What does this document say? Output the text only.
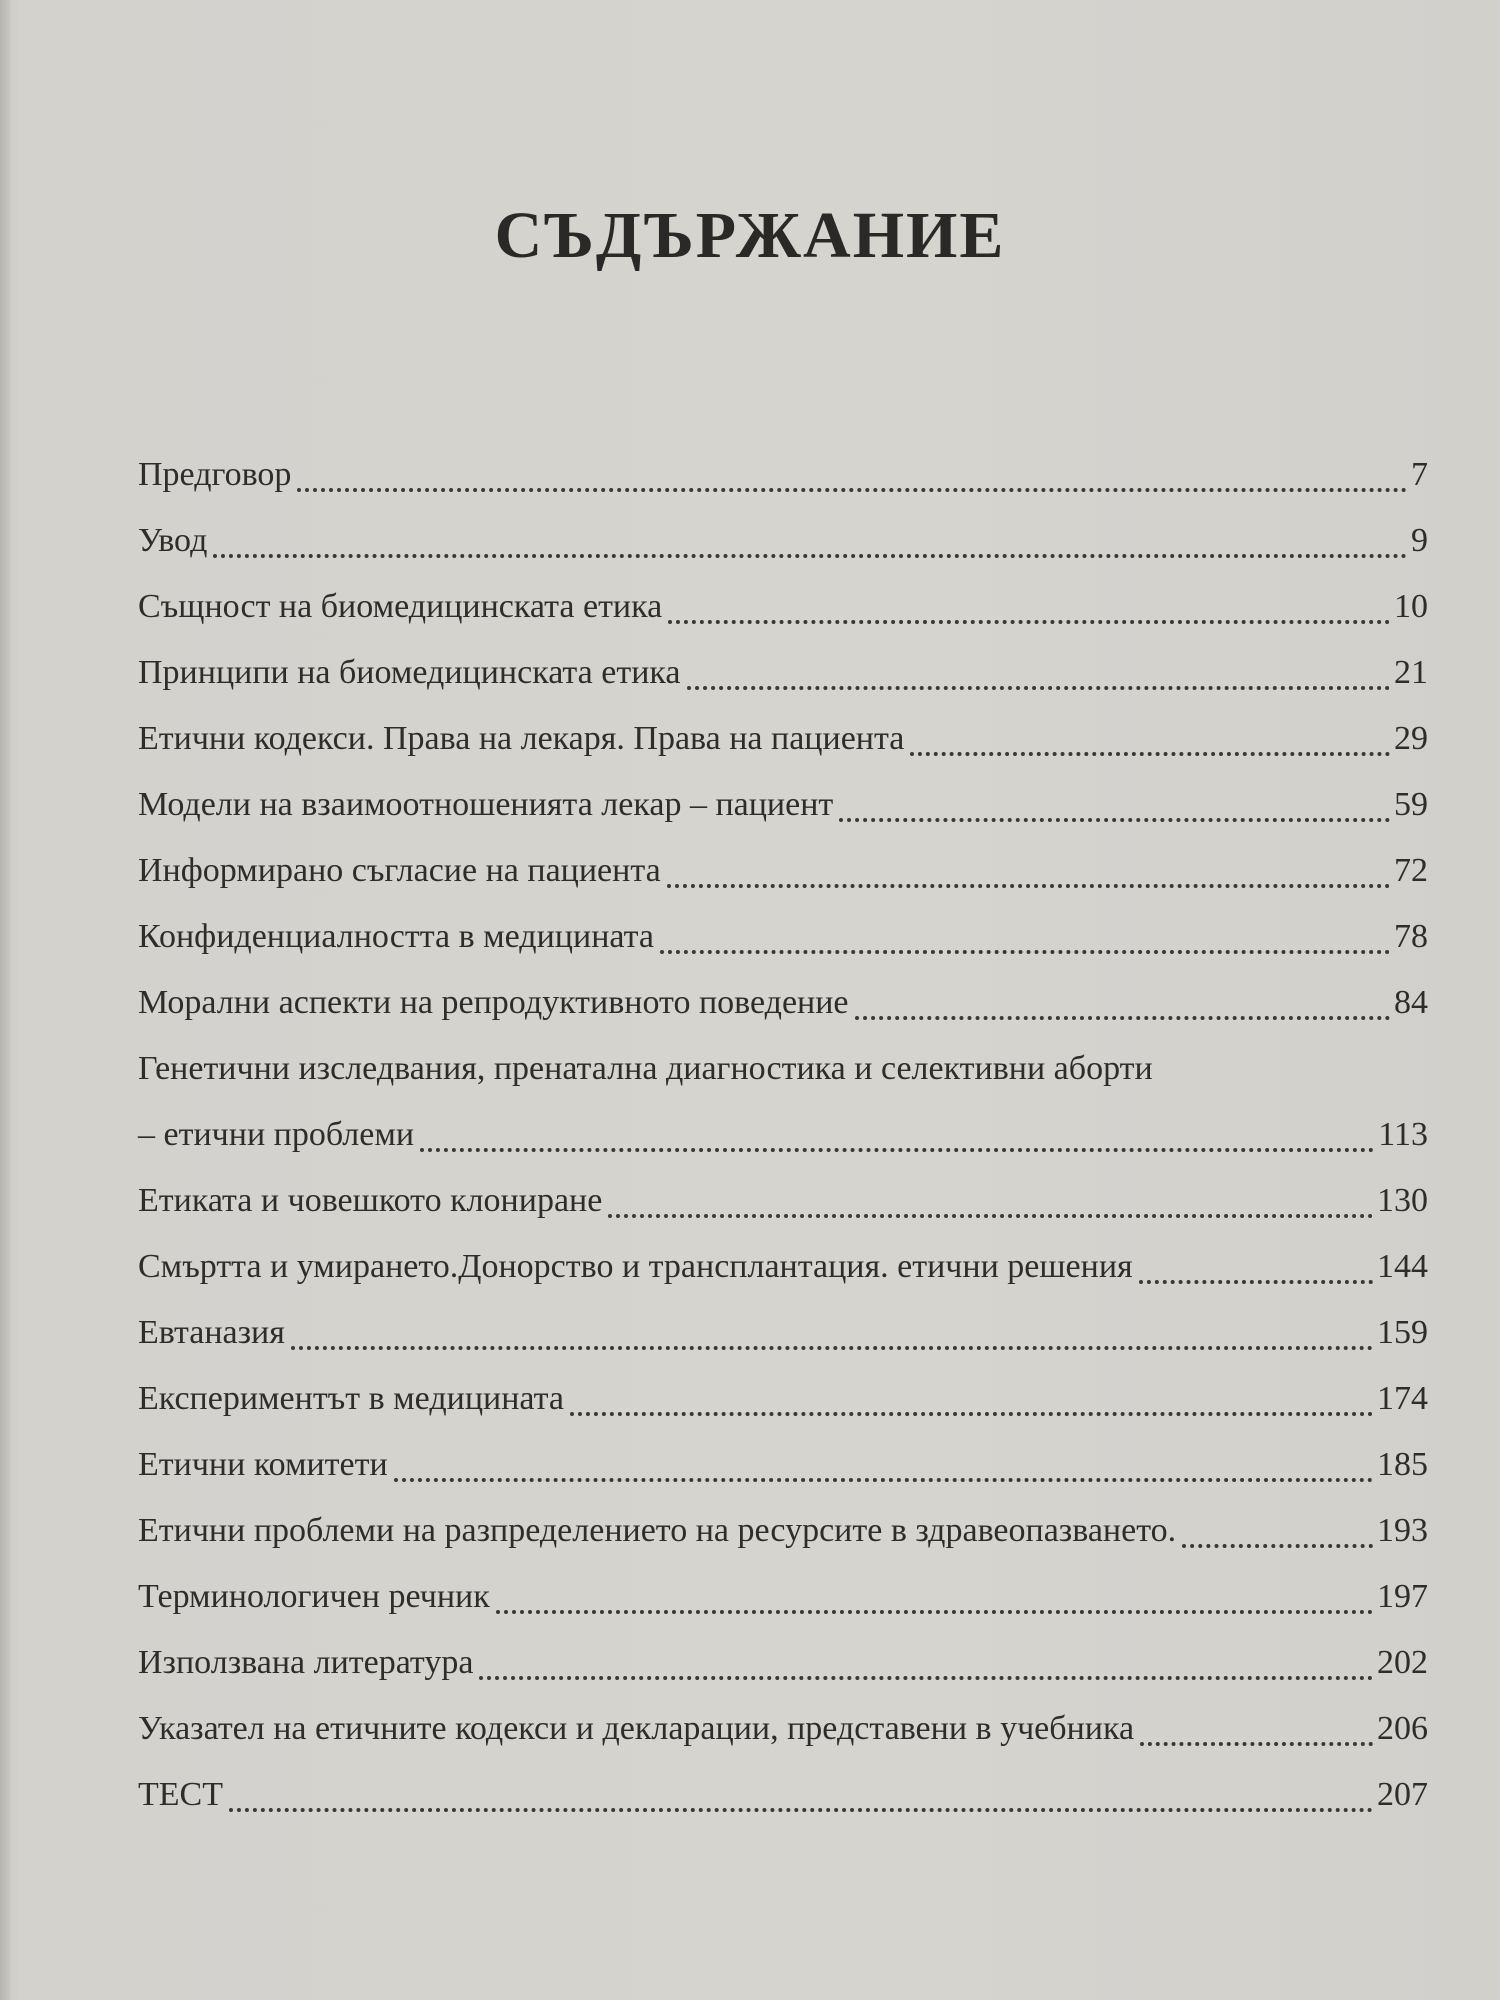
СЪДЪРЖАНИЕ
Предговор	7
Увод	9
Същност на биомедицинската етика	10
Принципи на биомедицинската етика	21
Етични кодекси. Права на лекаря. Права на пациента	29
Модели на взаимоотношенията лекар – пациент	59
Информирано съгласие на пациента	72
Конфиденциалността в медицината	78
Морални аспекти на репродуктивното поведение	84
Генетични изследвания, пренатална диагностика и селективни аборти
– етични проблеми	113
Етиката и човешкото клониране	130
Смъртта и умирането.Донорство и трансплантация. етични решения	144
Евтаназия	159
Експериментът в медицината	174
Етични комитети	185
Етични проблеми на разпределението на ресурсите в здравеопазването.	193
Терминологичен речник	197
Използвана литература	202
Указател на етичните кодекси и декларации, представени в учебника	206
ТЕСТ	207
